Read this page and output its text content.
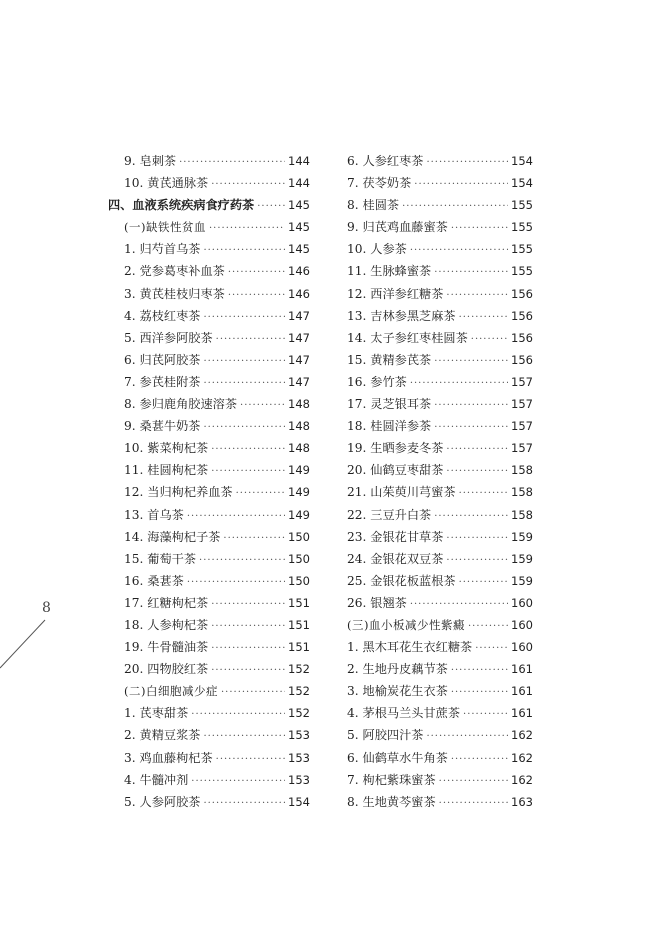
8
9. 皂刺茶 ·····	144
10. 黄芪通脉茶 ·····	144
四、血液系统疾病食疗药茶 ·····	145
(一)缺铁性贫血 ·····	145
1. 归芍首乌茶 ·····	145
2. 党参葛枣补血茶 ·····	146
3. 黄芪桂枝归枣茶 ·····	146
4. 荔枝红枣茶 ·····	147
5. 西洋参阿胶茶 ·····	147
6. 归芪阿胶茶 ·····	147
7. 参芪桂附茶 ·····	147
8. 参归鹿角胶速溶茶 ·····	148
9. 桑葚牛奶茶 ·····	148
10. 紫菜枸杞茶 ·····	148
11. 桂圆枸杞茶 ·····	149
12. 当归枸杞养血茶 ·····	149
13. 首乌茶 ·····	149
14. 海藻枸杞子茶 ·····	150
15. 葡萄干茶 ·····	150
16. 桑葚茶 ·····	150
17. 红糖枸杞茶 ·····	151
18. 人参枸杞茶 ·····	151
19. 牛骨髓油茶 ·····	151
20. 四物胶红茶 ·····	152
(二)白细胞减少症 ·····	152
1. 芪枣甜茶 ·····	152
2. 黄精豆浆茶 ·····	153
3. 鸡血藤枸杞茶 ·····	153
4. 牛髓冲剂 ·····	153
5. 人参阿胶茶 ·····	154
6. 人参红枣茶 ·····	154
7. 茯苓奶茶 ·····	154
8. 桂圆茶 ·····	155
9. 归芪鸡血藤蜜茶 ·····	155
10. 人参茶 ·····	155
11. 生脉蜂蜜茶 ·····	155
12. 西洋参红糖茶 ·····	156
13. 吉林参黑芝麻茶 ·····	156
14. 太子参红枣桂圆茶 ·····	156
15. 黄精参芪茶 ·····	156
16. 参竹茶 ·····	157
17. 灵芝银耳茶 ·····	157
18. 桂圆洋参茶 ·····	157
19. 生晒参麦冬茶 ·····	157
20. 仙鹤豆枣甜茶 ·····	158
21. 山茱萸川芎蜜茶 ·····	158
22. 三豆升白茶 ·····	158
23. 金银花甘草茶 ·····	159
24. 金银花双豆茶 ·····	159
25. 金银花板蓝根茶 ·····	159
26. 银翘茶 ·····	160
(三)血小板减少性紫癜 ·····	160
1. 黑木耳花生衣红糖茶 ·····	160
2. 生地丹皮藕节茶 ·····	161
3. 地榆炭花生衣茶 ·····	161
4. 茅根马兰头甘蔗茶 ·····	161
5. 阿胶四汁茶 ·····	162
6. 仙鹤草水牛角茶 ·····	162
7. 枸杞紫珠蜜茶 ·····	162
8. 生地黄芩蜜茶 ·····	163
